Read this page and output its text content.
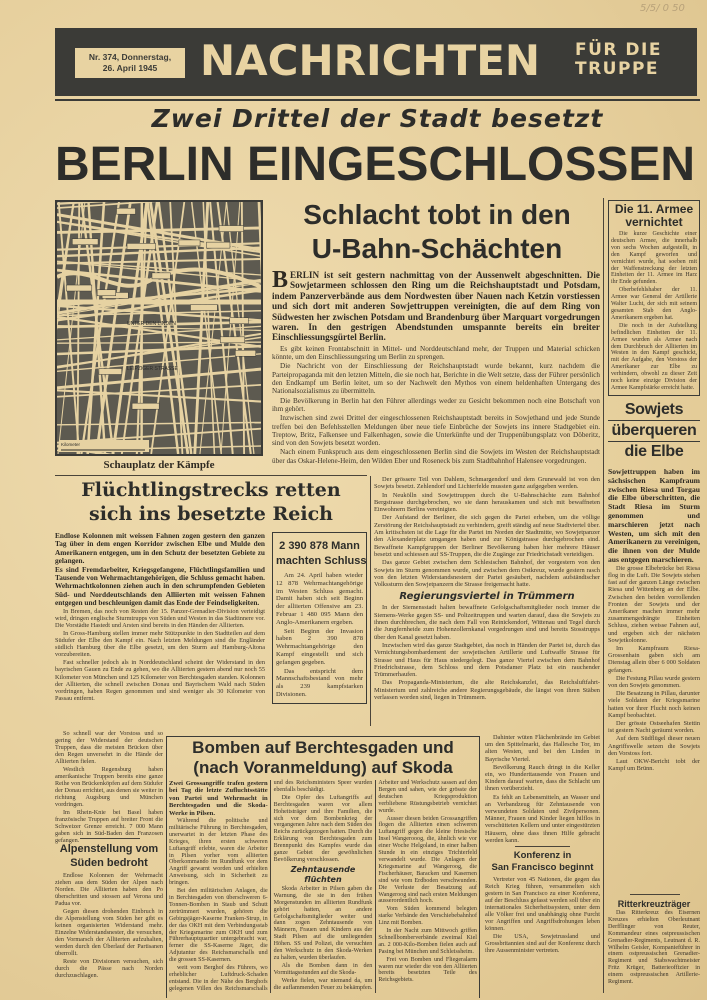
5/5/ 0 50
Nr. 374, Donnerstag,
26. April 1945	NACHRICHTEN FÜR DIE
TRUPPE
Zwei Drittel der Stadt besetzt
BERLIN EINGESCHLOSSEN
UNTER DEN LINDEN
LEIPZIGER STRASSE
Kilometer
Schauplatz der Kämpfe
Schlacht tobt in den
U-Bahn-Schächten
BERLIN ist seit gestern nachmittag von der Aussenwelt abgeschnitten. Die Sowjetarmeen schlossen den Ring um die Reichshauptstadt und Potsdam, indem Panzerverbände aus dem Nordwesten über Nauen nach Ketzin vorstiessen und sich dort mit anderen Sowjettruppen vereinigten, die auf dem Ring von Südwesten her zwischen Potsdam und Brandenburg über Marquart vorgedrungen waren. In den gestrigen Abendstunden umspannte bereits ein breiter Einschliessungsgürtel Berlin.

Es gibt keinen Frontabschnitt in Mittel- und Norddeutschland mehr, der Truppen und Material schicken könnte, um den Einschliessungsring um Berlin zu sprengen.

Die Nachricht von der Einschliessung der Reichshauptstadt wurde bekannt, kurz nachdem die Parteipropaganda mit den letzten Mitteln, die sie noch hat, Berichte in die Welt setzte, dass der Führer persönlich den Endkampf um Berlin leitet, um so der Nachwelt den Mythos von einem heldenhaften Untergang des Nationalsozialismus zu übermitteln.

Die Bevölkerung in Berlin hat den Führer allerdings weder zu Gesicht bekommen noch eine Botschaft von ihm gehört.

Inzwischen sind zwei Drittel der eingeschlossenen Reichshauptstadt bereits in Sowjethand und jede Stunde treffen bei den Befehlsstellen Meldungen über neue tiefe Einbrüche der Sowjets ins innere Stadtgebiet ein. Treptow, Britz, Falkensee und Falkenhagen, sowie die Unterkünfte und der Truppenübungsplatz von Döberitz, sind von den Sowjets besetzt worden.

Nach einem Funkspruch aus dem eingeschlossenen Berlin sind die Sowjets im Westen der Reichshauptstadt über das Oskar-Helene-Heim, den Wilden Eber und Roseneck bis zum Stadtbahnhof Halensee vorgedrungen.

Die 11. Armee
vernichtet

Die kurze Geschichte einer deutschen Armee, die innerhalb von sechs Wochen aufgestellt, in den Kampf geworfen und vernichtet wurde, hat soeben mit der Waffenstreckung der letzten Einheiten der 11. Armee im Harz ihr Ende gefunden.

Oberbefehlshaber der 11. Armee war General der Artillerie Walter Lucht, der sich mit seinem gesamten Stab den Anglo-Amerikanern ergeben hat.

Die noch in der Aufstellung befindlichen Einheiten der 11. Armee wurden als Armee nach dem Durchbruch der Alliierten im Westen in den Kampf geschickt, mit der Aufgabe, den Vorstoss der Amerikaner zur Elbe zu verhindern, obwohl zu dieser Zeit noch keine einzige Division der Armee Kampfstärke erreicht hatte.

Sowjets
überqueren
die Elbe
Sowjettruppen haben im sächsischen Kampfraum zwischen Riesa und Torgau die Elbe überschritten, die Stadt Riesa im Sturm genommen und marschieren jetzt nach Westen, um sich mit den Amerikanern zu vereinigen, die ihnen von der Mulde aus entgegen marschieren.

Die grosse Elbebrücke bei Riesa flog in die Luft. Die Sowjets stehen fast auf der ganzen Länge zwischen Riesa und Wittenberg an der Elbe. Zwischen den beiden vorrollenden Fronten der Sowjets und der Amerikaner machen immer mehr zusammengedrängte Einheiten Schluss, ziehen weisse Fahnen auf, und ergeben sich der nächsten Sowjetkolonne.

Im Kampfraum Riesa-Grossenhain gaben sich am Dienstag allein über 6 000 Soldaten gefangen.

Die Festung Pillau wurde gestern von den Sowjets genommen.

Die Besatzung in Pillau, darunter viele Soldaten der Kriegsmarine hatten vor ihrer Flucht noch keinen Kampf beobachtet.

Der grösste Ostseehafen Stettin ist gestern Nacht geräumt worden.

Auf dem Südflügel dieser neuen Angriffswelle setzen die Sowjets den Vorstoss fort.

Laut OKW-Bericht tobt der Kampf um Brünn.

Ritterkreuzträger

Das Ritterkreuz des Eisernen Kreuzes erhielten Oberleutnant Derfflinger von Reuter, Kommandeur eines ostpreussischen Grenadier-Regiments, Leutnant d. R. Wilhelm Geisler, Kompanieführer in einem ostpreussischen Grenadier-Regiment und Stabswachtmeister Fritz Krüger, Batterieoffizier in einem ostpreussischen Artillerie-Regiment.

Flüchtlingstrecks retten
sich ins besetzte Reich

Endlose Kolonnen mit weissen Fahnen zogen gestern den ganzen Tag über in dem engen Korridor zwischen Elbe und Mulde den Amerikanern entgegen, um in den Schutz der besetzten Gebiete zu gelangen.

Es sind Fremdarbeiter, Kriegsgefangene, Flüchtlingsfamilien und Tausende von Wehrmachtangehörigen, die Schluss gemacht haben. Wehrmachtkolonnen ziehen auch in den schrumpfenden Gebieten Süd- und Norddeutschlands den Alliierten mit weissen Fahnen entgegen und beschleunigen damit das Ende der Feindseligkeiten.

In Bremen, das noch von Resten der 15. Panzer-Grenadier-Division verteidigt wird, dringen englische Sturmtrupps von Süden und Westen in das Stadtinnere vor. Die Vorstädte Hastedt und Arsten sind bereits in den Händen der Alliierten.

In Gross-Hamburg stellen immer mehr Stützpunkte in den Stadtteilen auf dem Südufer der Elbe den Kampf ein. Nach letzten Meldungen sind die Engländer südlich Hamburg über die Elbe gesetzt, um den Sturm auf Hamburg-Altona vorzubereiten.

Fast schneller jedoch als in Norddeutschland scheint der Widerstand in den bayrischen Gauen zu Ende zu gehen, wo die Alliierten gestern abend nur noch 55 Kilometer von München und 125 Kilometer von Berchtesgaden standen. Kolonnen der Alliierten, die schnell zwischen Donau und Bayrischem Wald nach Süden vordringen, haben Regen genommen und sind weniger als 30 Kilometer von Passau entfernt.

2 390 878 Mann
machten Schluss

Am 24. April haben wieder 12 878 Wehrmachtangehörige im Westen Schluss gemacht. Damit haben sich seit Beginn der alliierten Offensive am 23. Februar 1 480 095 Mann den Anglo-Amerikanern ergeben.

Seit Beginn der Invasion haben 2 390 878 Wehrmachtangehörige den Kampf eingestellt und sich gefangen gegeben.

Das entspricht dem Mannschaftsbestand von mehr als 239 kampfstarken Divisionen.

Der grössere Teil von Dahlem, Schmargendorf und dem Grunewald ist von den Sowjets besetzt. Zehlendorf und Lichterfelde mussten ganz aufgegeben werden.

In Neukölln sind Sowjettruppen durch die U-Bahnschächte zum Bahnhof Bergstrasse durchgebrochen, wo sie dann herauskamen und sich mit bewaffneten Einwohnern Berlins vereinigten.

Der Aufstand der Berliner, die sich gegen die Partei erheben, um die völlige Zerstörung der Reichshauptstadt zu verhindern, greift ständig auf neue Stadtviertel über. Am kritischsten ist die Lage für die Partei im Norden der Stadtmitte, wo Sowjetpanzer den Alexanderplatz umgangen haben und zur Königstrasse durchgebrochen sind. Bewaffnete Kampfgruppen der Berliner Bevölkerung haben hier mehrere Häuser besetzt und schiessen auf SS-Truppen, die die Zugänge zur Friedrichstadt verteidigen.

Das ganze Gebiet zwischen dem Schlesischen Bahnhof, der vorgestern von den Sowjets im Sturm genommen wurde, und zwischen dem Ostkreuz, wurde gestern rasch von den letzten Widerstandsnestern der Partei gesäubert, nachdem aufständischer Volkssturm den Sowjetpanzern die Strasse freigemacht hatte.

Regierungsviertel in Trümmern

In der Siemensstadt halten bewaffnete Gefolgschaftsmitglieder noch immer die Siemens-Werke gegen SS- und Polizeitruppen und warten darauf, dass die Sowjets zu ihnen durchbrechen, die nach dem Fall von Reinickendorf, Wittenau und Tegel durch die Jungfernheide zum Hohenzollernkanal vorgedrungen sind und bereits Stosstrupps über den Kanal gesetzt haben.

Inzwischen wird das ganze Stadtgebiet, das noch in Händen der Partei ist, durch das Vernichtungsbombardement der sowjetischen Artillerie und Luftwaffe Strasse für Strasse und Haus für Haus niedergelegt. Das ganze Viertel zwischen dem Bahnhof Friedrichstrasse, dem Schloss und dem Potsdamer Platz ist ein rauchender Trümmerhaufen.

Das Propaganda-Ministerium, die alte Reichskanzlei, das Reichsluftfahrt-Ministerium und zahlreiche andere Regierungsgebäude, die längst von ihren Stäben verlassen worden sind, liegen in Trümmern.

So schnell war der Vorstoss und so gering der Widerstand der deutschen Truppen, dass die meisten Brücken über den Regen unversehrt in die Hände der Alliierten fielen.

Westlich Regensburg haben amerikanische Truppen bereits eine ganze Reihe von Brückenköpfen auf dem Südufer der Donau errichtet, aus denen sie weiter in richtung Augsburg und München vordringen.

Im Rhein-Knie bei Basel haben französische Truppen auf breiter Front die Schweizer Grenze erreicht. 7 000 Mann gaben sich in Süd-Baden den Franzosen gefangen.

Alpenstellung vom
Süden bedroht

Endlose Kolonnen der Wehrmacht ziehen aus dem Süden der Alpen nach Norden. Die Alliierten haben den Po überschritten und stossen auf Verona und Padua vor.

Gegen diesen drohenden Einbruch in die Alpenstellung vom Süden her gibt es keinen organisierten Widerstand mehr. Einzelne Widerstandsnester, die versuchen, den Vormarsch der Alliierten aufzuhalten, werden durch den Überlauf der Partisanen überrollt.

Reste von Divisionen versuchen, sich durch die Pässe nach Norden durchzuschlagen.

Bomben auf Berchtesgaden und
(nach Voranmeldung) auf Skoda
Zwei Grossangriffe trafen gestern bei Tag die letzte Zufluchtsstätte von Partei und Wehrmacht in Berchtesgaden und die Skoda-Werke in Pilsen.

Während die politische und militärische Führung in Berchtesgaden, unerwartet in der letzten Phase des Krieges, ihren ersten schweren Luftangriff erlebte, waren die Arbeiter in Pilsen vorher vom alliierten Oberkommando im Rundfunk vor dem Angriff gewarnt worden und erhielten Anweisung, sich in Sicherheit zu bringen.

Bei den militärischen Anlagen, die in Berchtesgaden von überschweren 6-Tonnen-Bomben in Staub und Schutt zertrümmert wurden, gehören die Gebirgsjäger-Kaserne Franken-Strup, in der das OKH mit dem Verbindungsstab der Kriegsmarine zum OKH und zum Führerhauptquartier untergebracht war, ferner die SS-Kaserne Jäger, die Adjutantur des Reichsmarschalls und die grossen SS-Kasernen.

weit vom Berghof des Führers, wo erheblicher Luftdruck-Schaden entstand. Die in der Nähe des Berghofs gelegenen Villen des Reichsmarschalls und des Reichsministers Speer wurden ebenfalls beschädigt.

Die Opfer des Luftangriffs auf Berchtesgaden waren vor allem Hoheitsträger und ihre Familien, die sich vor dem Bombenkrieg der vergangenen Jahre nach dem Süden des Reichs zurückgezogen hatten. Durch die Erklärung von Berchtesgaden zum Brennpunkt des Kampfes wurde das ganze Gebiet der gewöhnlichen Bevölkerung verschlossen.

Zehntausende flüchten

Skoda Arbeiter in Pilsen gaben die Warnung, die sie in den frühen Morgenstunden im alliierten Rundfunk gehört hatten, an andere Gefolgschaftsmitglieder weiter und dann zogen Zehntausende von Männern, Frauen und Kindern aus der Stadt Pilsen auf die umliegenden Höhen. SS und Polizei, die versuchten den Werkschutz in den Skoda-Werken zu halten, wurden überlaufen.

Als die Bomben dann in den Vormittagsstunden auf die Skoda-

Werke fielen, war niemand da, um die auflammenden Feuer zu bekämpfen. Arbeiter und Werkschutz sassen auf den Bergen und sahen, wie der grösste der deutschen Kriegsproduktion verbliebene Rüstungsbetrieb vernichtet wurde.

Ausser diesen beiden Grossangriffen flogen die Alliierten einen schweren Luftangriff gegen die kleine friesische Insel Wangerooog, die, ähnlich wie vor einer Woche Helgoland, in einer halben Stunde in ein einziges Trichterfeld verwandelt wurde. Die Anlagen der Kriegsmarine auf Wangeroog, die Fischerhäuser, Baracken und Kasernen sind wie vom Erdboden verschwunden. Die Verluste der Besatzung auf Wangeroog sind nach ersten Meldungen ausserordentlich hoch.

Vom Süden kommend belegten starke Verbände den Verschiebebahnhof Linz mit Bomben.

In der Nacht zum Mittwoch griffen Schnellbomberverbände zweimal Kiel an. 2 000-Kilo-Bomben fielen auch auf Pasing bei München und Schleissheim.

Frei von Bomben und Fliegeralarm waren nur wieder die von den Alliierten bereits besetzten Teile des Reichsgebiets.

Dahinter wüten Flächenbrände im Gebiet um den Spittelmarkt, das Hallesche Tor, im alten Westen, und bei den Linden in Bayrische Viertel.

Bevölkerung Rauch dringt in die Keller ein, wo Hunderttausende von Frauen und Kindern darauf warten, dass die Schlacht um ihnen vorüberzieht.

Es fehlt an Lebensmitteln, an Wasser und an Verbandzeug für Zehntausende von verwundeten Soldaten und Zivilpersonen. Männer, Frauen und Kinder liegen hilflos in verschütteten Kellern und unter eingestürzten Häusern, ohne dass ihnen Hilfe gebracht werden kann.

Konferenz in
San Francisco beginnt

Vertreter von 45 Nationen, die gegen das Reich Krieg führen, versammelten sich gestern in San Francisco zu einer Konferenz, auf der Beschluss gefasst werden soll über ein internationales Sicherheitssystem, unter dem alle Völker frei und unabhängig ohne Furcht vor Angriffen und Angriffsdrohungen leben können.

Die USA, Sowjetrussland und Grossbritannien sind auf der Konferenz durch ihre Aussenminister vertreten.
